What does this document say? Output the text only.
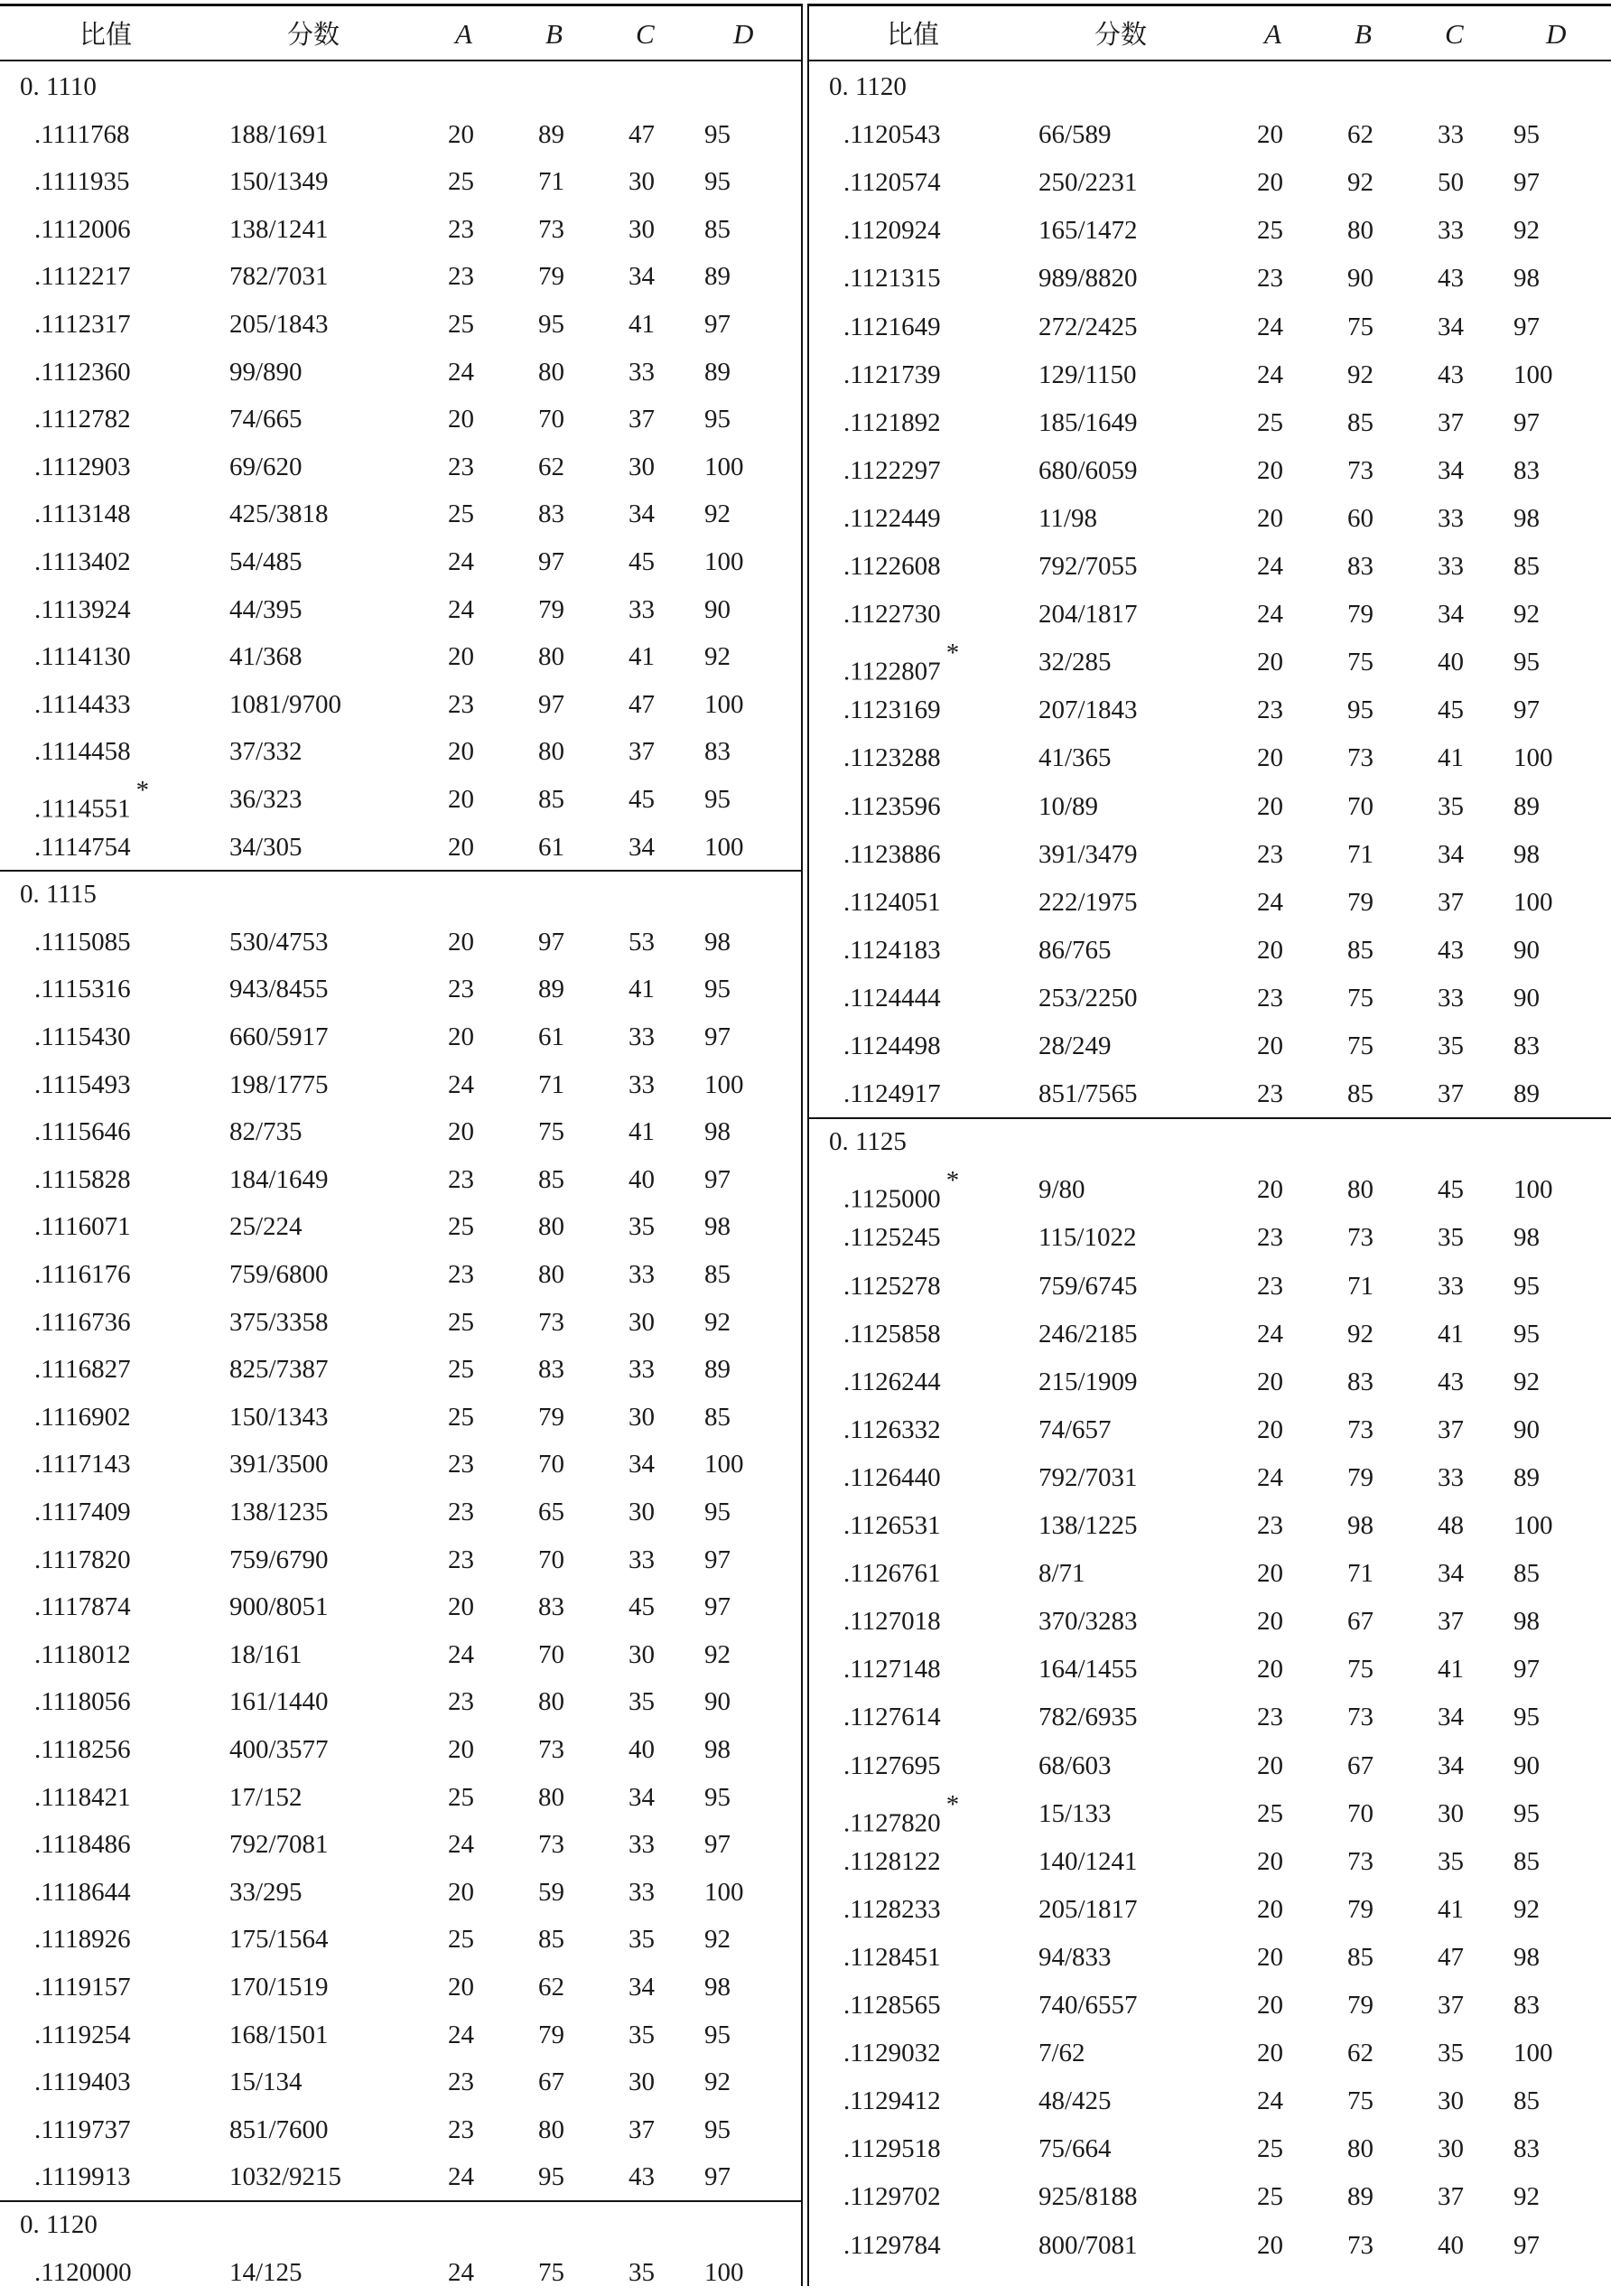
比值	分数	A	B	C	D
0. 1110
.1111768	188/1691	20 89 47 95
.1111935	150/1349	25 71 30 95
.1112006	138/1241	23 73 30 85
.1112217	782/7031	23 79 34 89
.1112317	205/1843	25 95 41 97
.1112360	99/890	24 80 33 89
.1112782	74/665	20 70 37 95
.1112903	69/620	23 62 30 100
.1113148	425/3818	25 83 34 92
.1113402	54/485	24 97 45 100
.1113924	44/395	24 79 33 90
.1114130	41/368	20 80 41 92
.1114433	1081/9700	23 97 47 100
.1114458	37/332	20 80 37 83
.1114551*	36/323	20 85 45 95
.1114754	34/305	20 61 34 100
0. 1115
.1115085	530/4753	20 97 53 98
.1115316	943/8455	23 89 41 95
.1115430	660/5917	20 61 33 97
.1115493	198/1775	24 71 33 100
.1115646	82/735	20 75 41 98
.1115828	184/1649	23 85 40 97
.1116071	25/224	25 80 35 98
.1116176	759/6800	23 80 33 85
.1116736	375/3358	25 73 30 92
.1116827	825/7387	25 83 33 89
.1116902	150/1343	25 79 30 85
.1117143	391/3500	23 70 34 100
.1117409	138/1235	23 65 30 95
.1117820	759/6790	23 70 33 97
.1117874	900/8051	20 83 45 97
.1118012	18/161	24 70 30 92
.1118056	161/1440	23 80 35 90
.1118256	400/3577	20 73 40 98
.1118421	17/152	25 80 34 95
.1118486	792/7081	24 73 33 97
.1118644	33/295	20 59 33 100
.1118926	175/1564	25 85 35 92
.1119157	170/1519	20 62 34 98
.1119254	168/1501	24 79 35 95
.1119403	15/134	23 67 30 92
.1119737	851/7600	23 80 37 95
.1119913	1032/9215	24 95 43 97
0. 1120
.1120000	14/125	24 75 35 100
比值	分数	A	B	C	D
0. 1120
.1120543	66/589	20 62 33 95
.1120574	250/2231	20 92 50 97
.1120924	165/1472	25 80 33 92
.1121315	989/8820	23 90 43 98
.1121649	272/2425	24 75 34 97
.1121739	129/1150	24 92 43 100
.1121892	185/1649	25 85 37 97
.1122297	680/6059	20 73 34 83
.1122449	11/98	20 60 33 98
.1122608	792/7055	24 83 33 85
.1122730	204/1817	24 79 34 92
.1122807*	32/285	20 75 40 95
.1123169	207/1843	23 95 45 97
.1123288	41/365	20 73 41 100
.1123596	10/89	20 70 35 89
.1123886	391/3479	23 71 34 98
.1124051	222/1975	24 79 37 100
.1124183	86/765	20 85 43 90
.1124444	253/2250	23 75 33 90
.1124498	28/249	20 75 35 83
.1124917	851/7565	23 85 37 89
0. 1125
.1125000*	9/80	20 80 45 100
.1125245	115/1022	23 73 35 98
.1125278	759/6745	23 71 33 95
.1125858	246/2185	24 92 41 95
.1126244	215/1909	20 83 43 92
.1126332	74/657	20 73 37 90
.1126440	792/7031	24 79 33 89
.1126531	138/1225	23 98 48 100
.1126761	8/71	20 71 34 85
.1127018	370/3283	20 67 37 98
.1127148	164/1455	20 75 41 97
.1127614	782/6935	23 73 34 95
.1127695	68/603	20 67 34 90
.1127820*	15/133	25 70 30 95
.1128122	140/1241	20 73 35 85
.1128233	205/1817	20 79 41 92
.1128451	94/833	20 85 47 98
.1128565	740/6557	20 79 37 83
.1129032	7/62	20 62 35 100
.1129412	48/425	24 75 30 85
.1129518	75/664	25 80 30 83
.1129702	925/8188	25 89 37 92
.1129784	800/7081	20 73 40 97
